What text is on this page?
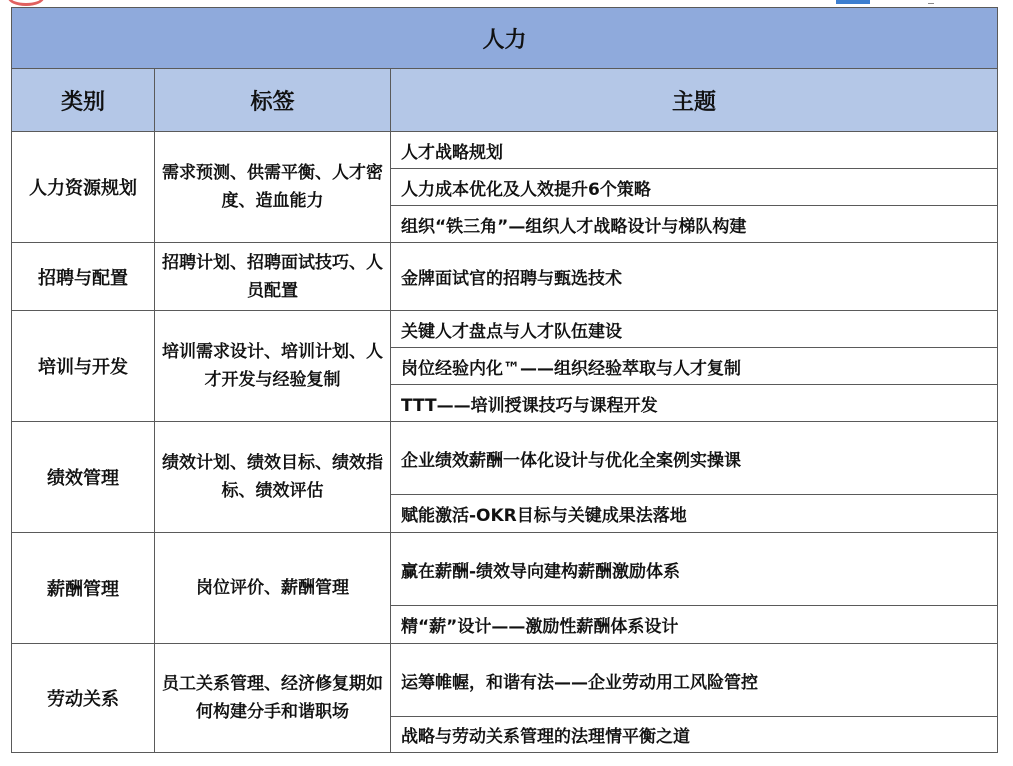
人力		
类别	标签	主题
人力资源规划	需求预测、供需平衡、人才密度、造血能力	人才战略规划
		人力成本优化及人效提升6个策略
		组织“铁三角”—组织人才战略设计与梯队构建
招聘与配置	招聘计划、招聘面试技巧、人员配置	金牌面试官的招聘与甄选技术
培训与开发	培训需求设计、培训计划、人才开发与经验复制	关键人才盘点与人才队伍建设
		岗位经验内化™——组织经验萃取与人才复制
		TTT——培训授课技巧与课程开发
绩效管理	绩效计划、绩效目标、绩效指标、绩效评估	企业绩效薪酬一体化设计与优化全案例实操课
		赋能激活-OKR目标与关键成果法落地
薪酬管理	岗位评价、薪酬管理	赢在薪酬-绩效导向建构薪酬激励体系
		精“薪”设计——激励性薪酬体系设计
劳动关系	员工关系管理、经济修复期如何构建分手和谐职场	运筹帷幄，和谐有法——企业劳动用工风险管控
		战略与劳动关系管理的法理情平衡之道
